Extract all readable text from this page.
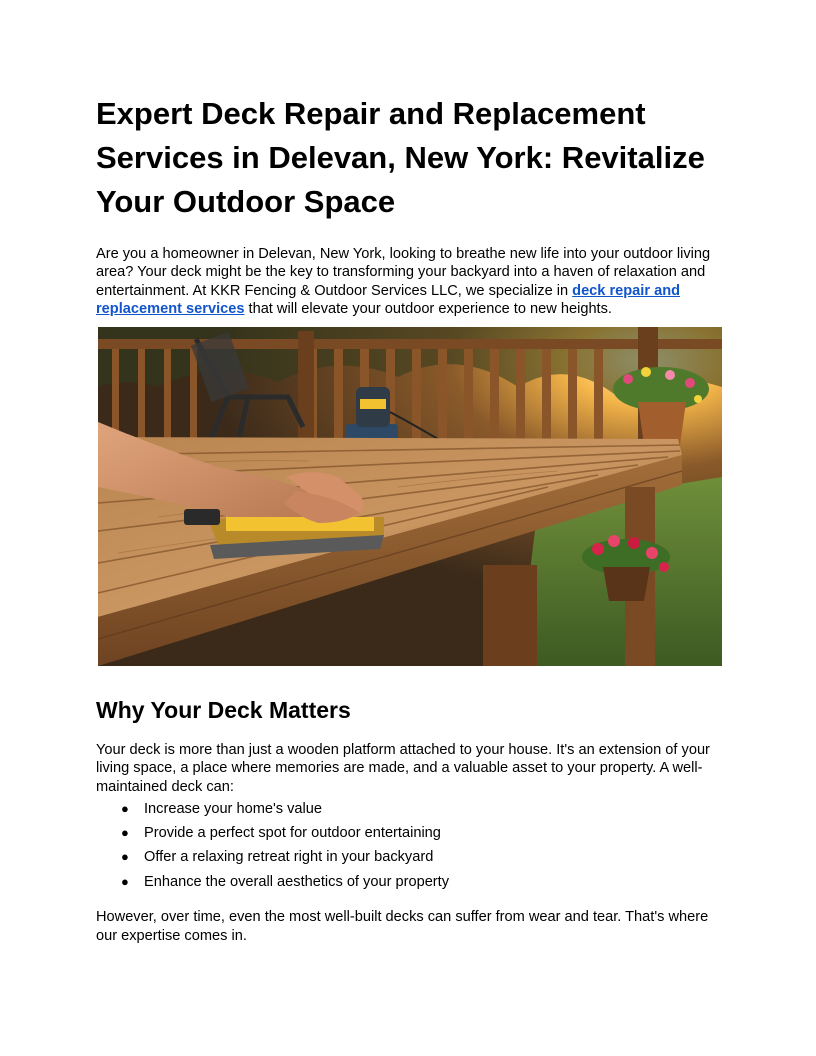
Expert Deck Repair and Replacement Services in Delevan, New York: Revitalize Your Outdoor Space

Are you a homeowner in Delevan, New York, looking to breathe new life into your outdoor living area? Your deck might be the key to transforming your backyard into a haven of relaxation and entertainment. At KKR Fencing & Outdoor Services LLC, we specialize in deck repair and replacement services that will elevate your outdoor experience to new heights.

Why Your Deck Matters

Your deck is more than just a wooden platform attached to your house. It's an extension of your living space, a place where memories are made, and a valuable asset to your property. A well-maintained deck can:

● Increase your home's value
● Provide a perfect spot for outdoor entertaining
● Offer a relaxing retreat right in your backyard
● Enhance the overall aesthetics of your property

However, over time, even the most well-built decks can suffer from wear and tear. That's where our expertise comes in.
